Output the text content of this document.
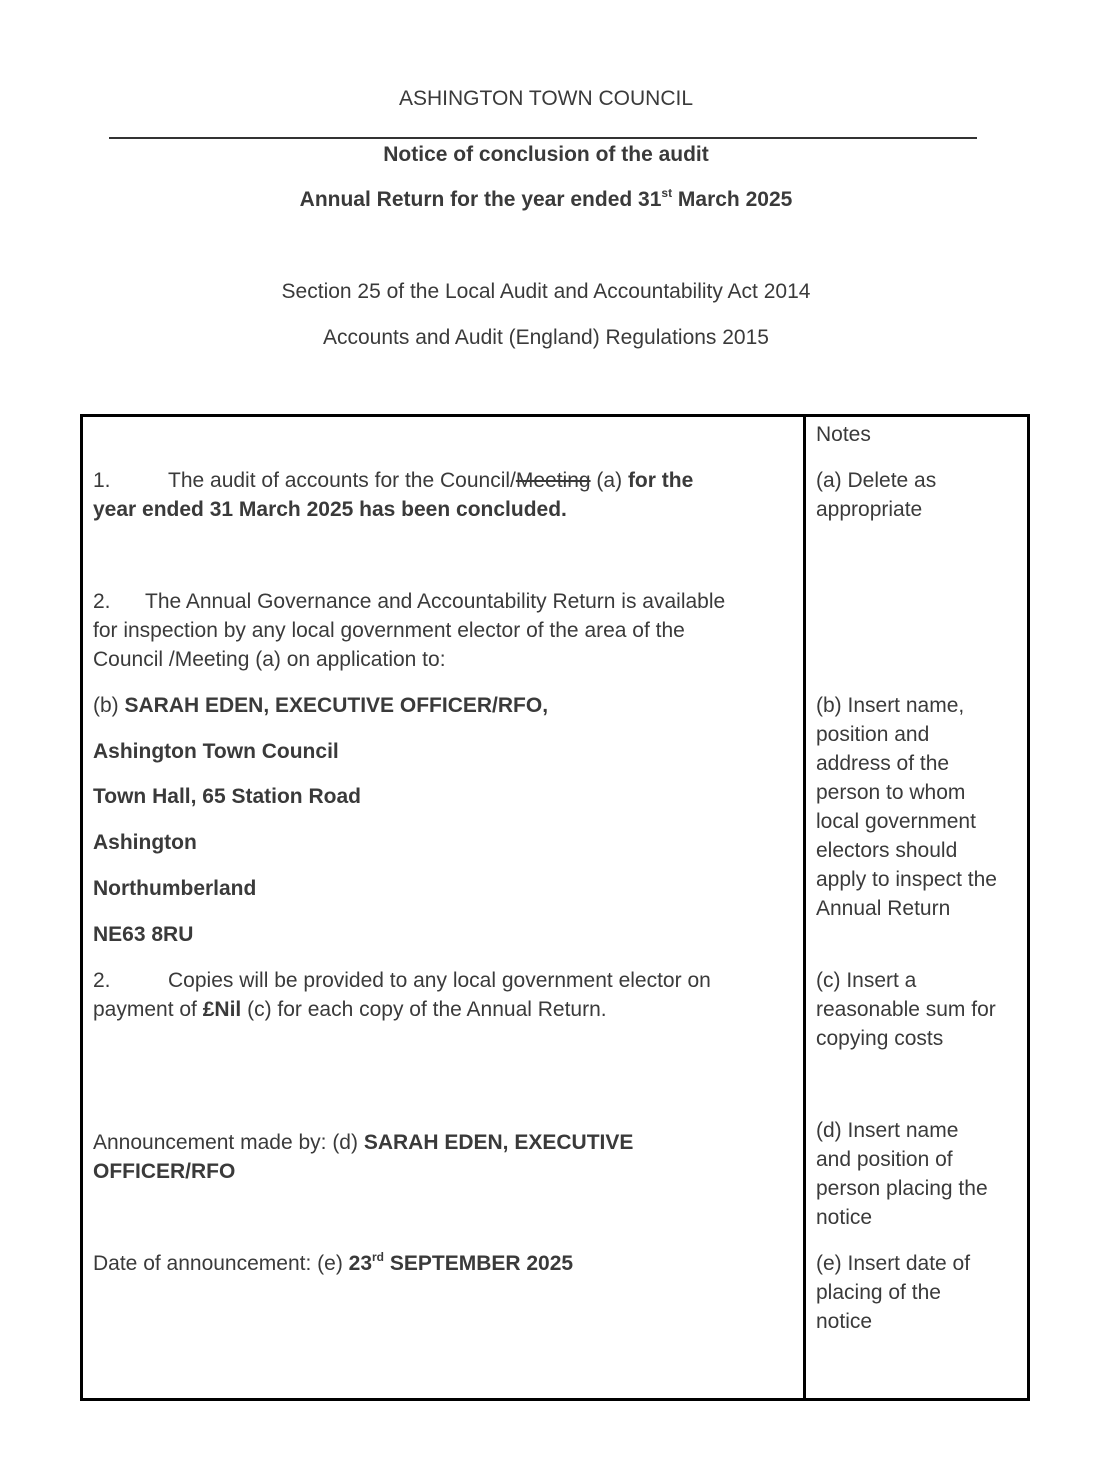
ASHINGTON TOWN COUNCIL
Notice of conclusion of the audit
Annual Return for the year ended 31st March 2025
Section 25 of the Local Audit and Accountability Act 2014
Accounts and Audit (England) Regulations 2015
1.	The audit of accounts for the Council/Meeting (a) for the
year ended 31 March 2025 has been concluded.
2. The Annual Governance and Accountability Return is available
for inspection by any local government elector of the area of the
Council /Meeting (a) on application to:
(b) SARAH EDEN, EXECUTIVE OFFICER/RFO,
Ashington Town Council
Town Hall, 65 Station Road
Ashington
Northumberland
NE63 8RU
2.	Copies will be provided to any local government elector on
payment of £Nil (c) for each copy of the Annual Return.
Announcement made by: (d) SARAH EDEN, EXECUTIVE
OFFICER/RFO
Date of announcement: (e) 23rd SEPTEMBER 2025
Notes
(a) Delete as
appropriate
(b) Insert name,
position and
address of the
person to whom
local government
electors should
apply to inspect the
Annual Return
(c) Insert a
reasonable sum for
copying costs
(d) Insert name
and position of
person placing the
notice
(e) Insert date of
placing of the
notice
